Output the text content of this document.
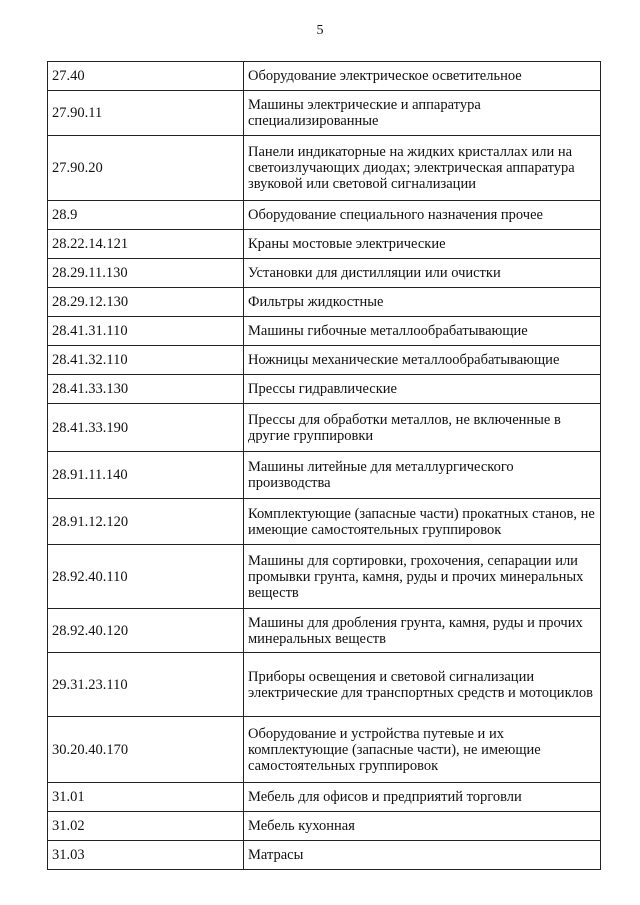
5
27.40	Оборудование электрическое осветительное
27.90.11	Машины электрические и аппаратура специализированные
27.90.20	Панели индикаторные на жидких кристаллах или на светоизлучающих диодах; электрическая аппаратура звуковой или световой сигнализации
28.9	Оборудование специального назначения прочее
28.22.14.121	Краны мостовые электрические
28.29.11.130	Установки для дистилляции или очистки
28.29.12.130	Фильтры жидкостные
28.41.31.110	Машины гибочные металлообрабатывающие
28.41.32.110	Ножницы механические металлообрабатывающие
28.41.33.130	Прессы гидравлические
28.41.33.190	Прессы для обработки металлов, не включенные в другие группировки
28.91.11.140	Машины литейные для металлургического производства
28.91.12.120	Комплектующие (запасные части) прокатных станов, не имеющие самостоятельных группировок
28.92.40.110	Машины для сортировки, грохочения, сепарации или промывки грунта, камня, руды и прочих минеральных веществ
28.92.40.120	Машины для дробления грунта, камня, руды и прочих минеральных веществ
29.31.23.110	Приборы освещения и световой сигнализации электрические для транспортных средств и мотоциклов
30.20.40.170	Оборудование и устройства путевые и их комплектующие (запасные части), не имеющие самостоятельных группировок
31.01	Мебель для офисов и предприятий торговли
31.02	Мебель кухонная
31.03	Матрасы
